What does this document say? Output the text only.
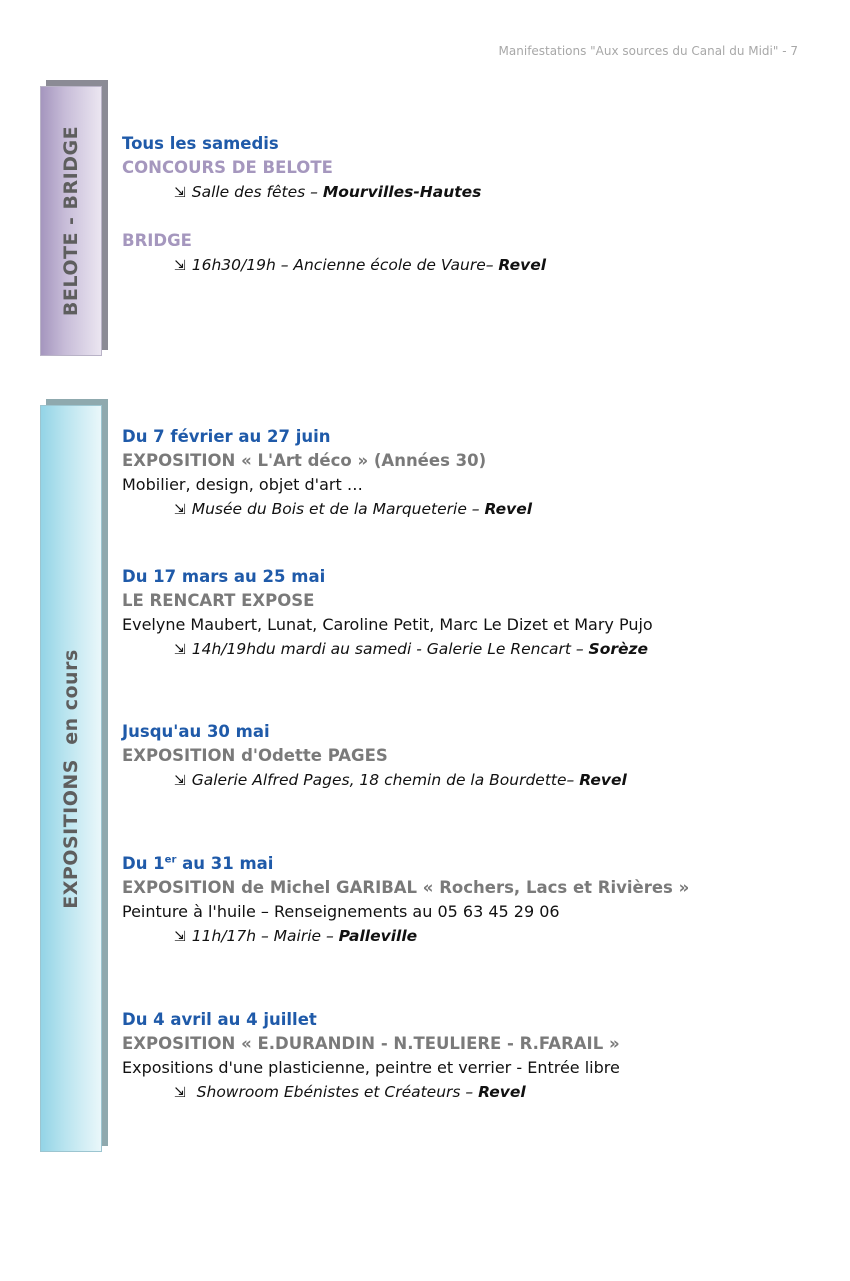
Manifestations "Aux sources du Canal du Midi" - 7
BELOTE - BRIDGE Tous les samedis
CONCOURS DE BELOTE
⇲ Salle des fêtes – Mourvilles-Hautes
BRIDGE
⇲ 16h30/19h – Ancienne école de Vaure– Revel
EXPOSITIONS  en cours
Du 7 février au 27 juin
EXPOSITION « L'Art déco » (Années 30)
Mobilier, design, objet d'art …
⇲ Musée du Bois et de la Marqueterie – Revel
Du 17 mars au 25 mai
LE RENCART EXPOSE
Evelyne Maubert, Lunat, Caroline Petit, Marc Le Dizet et Mary Pujo
⇲ 14h/19hdu mardi au samedi - Galerie Le Rencart – Sorèze
Jusqu'au 30 mai
EXPOSITION d'Odette PAGES
⇲ Galerie Alfred Pages, 18 chemin de la Bourdette– Revel
Du 1er au 31 mai
EXPOSITION de Michel GARIBAL « Rochers, Lacs et Rivières »
Peinture à l'huile – Renseignements au 05 63 45 29 06
⇲ 11h/17h – Mairie – Palleville
Du 4 avril au 4 juillet
EXPOSITION « E.DURANDIN - N.TEULIERE - R.FARAIL »
Expositions d'une plasticienne, peintre et verrier - Entrée libre
⇲ Showroom Ebénistes et Créateurs – Revel
